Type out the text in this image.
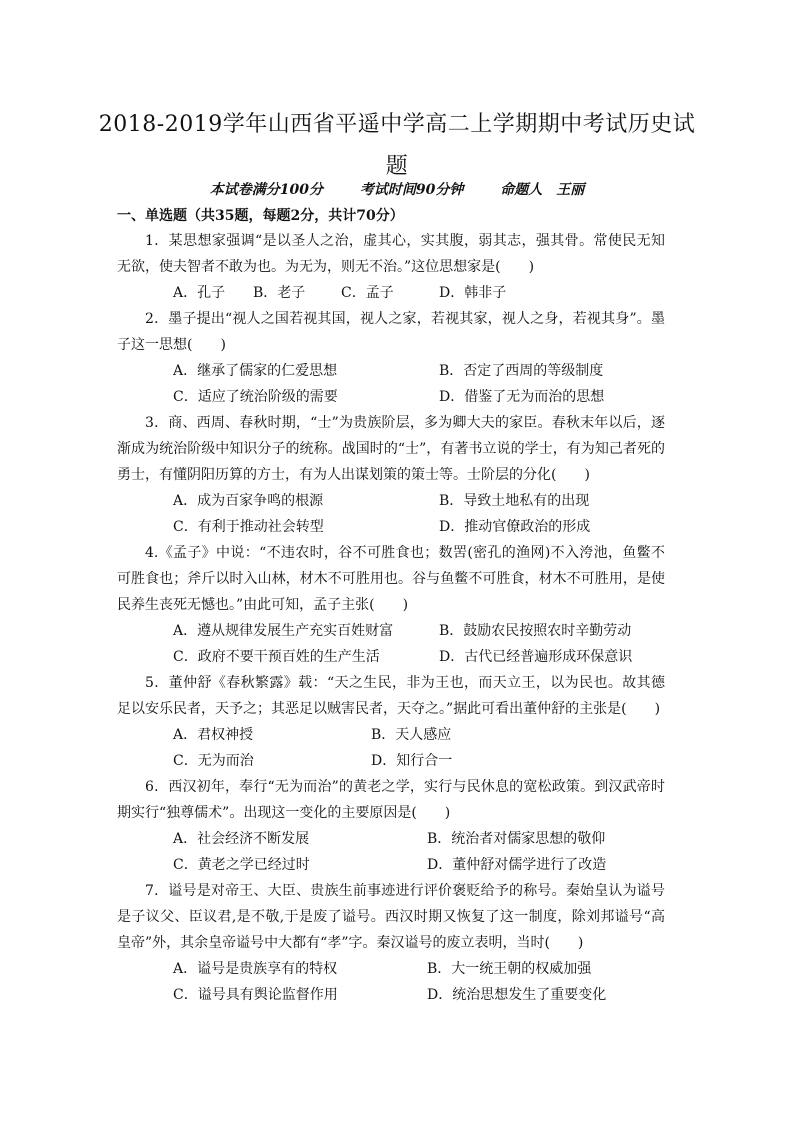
2018-2019学年山西省平遥中学高二上学期期中考试历史试题
本试卷满分100分	考试时间90分钟	命题人　王丽
一、单选题（共35题，每题2分，共计70分）

1．某思想家强调“是以圣人之治，虚其心，实其腹，弱其志，强其骨。常使民无知无欲，使夫智者不敢为也。为无为，则无不治。”这位思想家是(　　)

A．孔子 B．老子	C．孟子	D．韩非子

2．墨子提出“视人之国若视其国，视人之家，若视其家，视人之身，若视其身”。墨子这一思想(　　)

A．继承了儒家的仁爱思想	B．否定了西周的等级制度
C．适应了统治阶级的需要	D．借鉴了无为而治的思想

3．商、西周、春秋时期，“士”为贵族阶层，多为卿大夫的家臣。春秋末年以后，逐渐成为统治阶级中知识分子的统称。战国时的“士”，有著书立说的学士，有为知己者死的勇士，有懂阴阳历算的方士，有为人出谋划策的策士等。士阶层的分化(　　)

A．成为百家争鸣的根源	B．导致土地私有的出现
C．有利于推动社会转型	D．推动官僚政治的形成

4.《孟子》中说：“不违农时，谷不可胜食也；数罟(密孔的渔网)不入洿池，鱼鳖不可胜食也；斧斤以时入山林，材木不可胜用也。谷与鱼鳖不可胜食，材木不可胜用，是使民养生丧死无憾也。”由此可知，孟子主张(　　)

A．遵从规律发展生产充实百姓财富	B．鼓励农民按照农时辛勤劳动
C．政府不要干预百姓的生产生活	D．古代已经普遍形成环保意识

5．董仲舒《春秋繁露》载：“天之生民，非为王也，而天立王，以为民也。故其德足以安乐民者，天予之；其恶足以贼害民者，天夺之。”据此可看出董仲舒的主张是(　　)

A．君权神授	B．天人感应
C．无为而治	D．知行合一

6．西汉初年，奉行“无为而治”的黄老之学，实行与民休息的宽松政策。到汉武帝时期实行“独尊儒术”。出现这一变化的主要原因是(　　)

A．社会经济不断发展	B．统治者对儒家思想的敬仰
C．黄老之学已经过时	D．董仲舒对儒学进行了改造

7．谥号是对帝王、大臣、贵族生前事迹进行评价褒贬给予的称号。秦始皇认为谥号是子议父、臣议君,是不敬,于是废了谥号。西汉时期又恢复了这一制度，除刘邦谥号“高皇帝”外，其余皇帝谥号中大都有“孝”字。秦汉谥号的废立表明，当时(　　)

A．谥号是贵族享有的特权	B．大一统王朝的权威加强
C．谥号具有舆论监督作用	D．统治思想发生了重要变化
